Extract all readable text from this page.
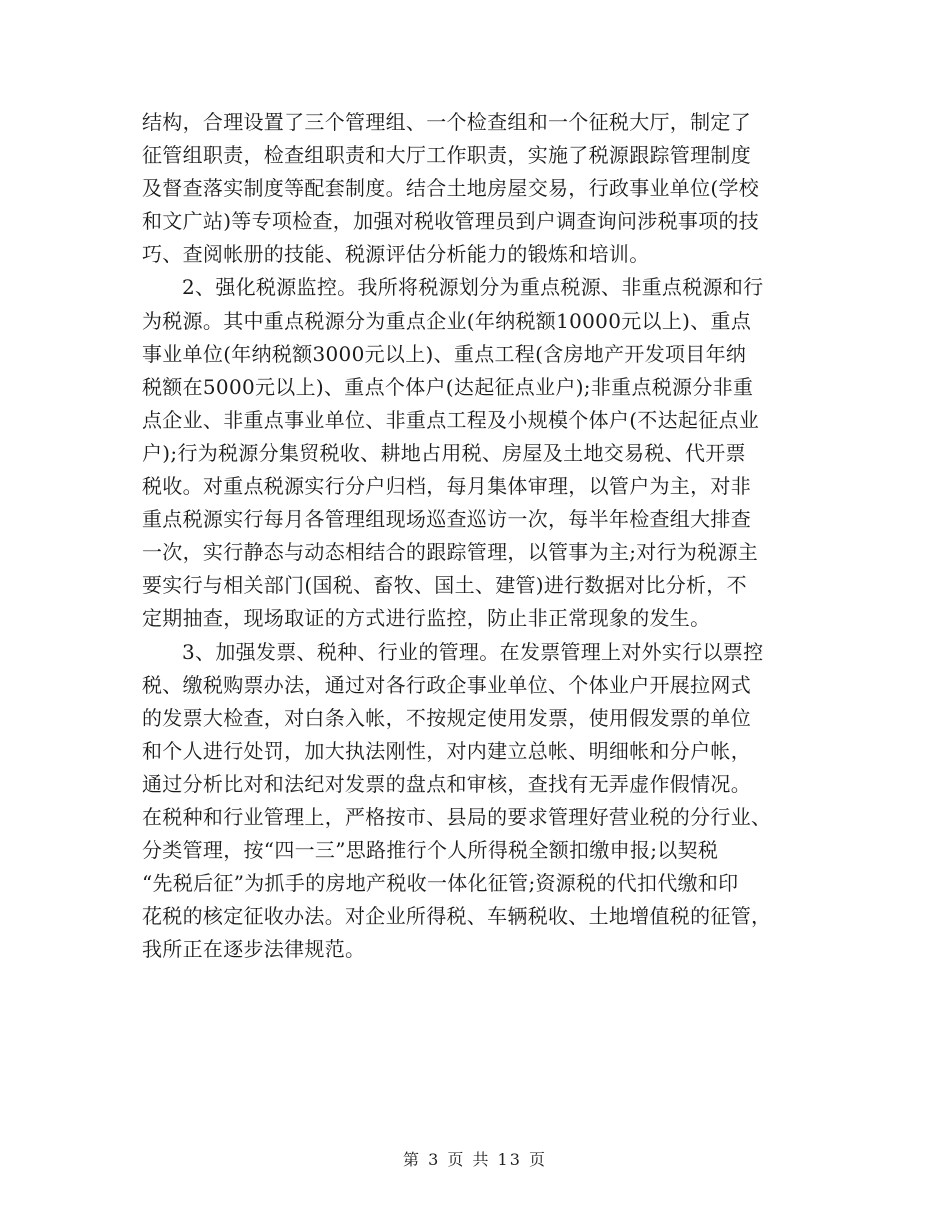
结构，合理设置了三个管理组、一个检查组和一个征税大厅，制定了
征管组职责，检查组职责和大厅工作职责，实施了税源跟踪管理制度
及督查落实制度等配套制度。结合土地房屋交易，行政事业单位(学校
和文广站)等专项检查，加强对税收管理员到户调查询问涉税事项的技
巧、查阅帐册的技能、税源评估分析能力的锻炼和培训。
2、强化税源监控。我所将税源划分为重点税源、非重点税源和行
为税源。其中重点税源分为重点企业(年纳税额10000元以上)、重点
事业单位(年纳税额3000元以上)、重点工程(含房地产开发项目年纳
税额在5000元以上)、重点个体户(达起征点业户);非重点税源分非重
点企业、非重点事业单位、非重点工程及小规模个体户(不达起征点业
户);行为税源分集贸税收、耕地占用税、房屋及土地交易税、代开票
税收。对重点税源实行分户归档，每月集体审理，以管户为主，对非
重点税源实行每月各管理组现场巡查巡访一次，每半年检查组大排查
一次，实行静态与动态相结合的跟踪管理，以管事为主;对行为税源主
要实行与相关部门(国税、畜牧、国土、建管)进行数据对比分析，不
定期抽查，现场取证的方式进行监控，防止非正常现象的发生。
3、加强发票、税种、行业的管理。在发票管理上对外实行以票控
税、缴税购票办法，通过对各行政企事业单位、个体业户开展拉网式
的发票大检查，对白条入帐，不按规定使用发票，使用假发票的单位
和个人进行处罚，加大执法刚性，对内建立总帐、明细帐和分户帐，
通过分析比对和法纪对发票的盘点和审核，查找有无弄虚作假情况。
在税种和行业管理上，严格按市、县局的要求管理好营业税的分行业、
分类管理，按“四一三”思路推行个人所得税全额扣缴申报;以契税
“先税后征”为抓手的房地产税收一体化征管;资源税的代扣代缴和印
花税的核定征收办法。对企业所得税、车辆税收、土地增值税的征管，
我所正在逐步法律规范。
第 3 页 共 13 页
